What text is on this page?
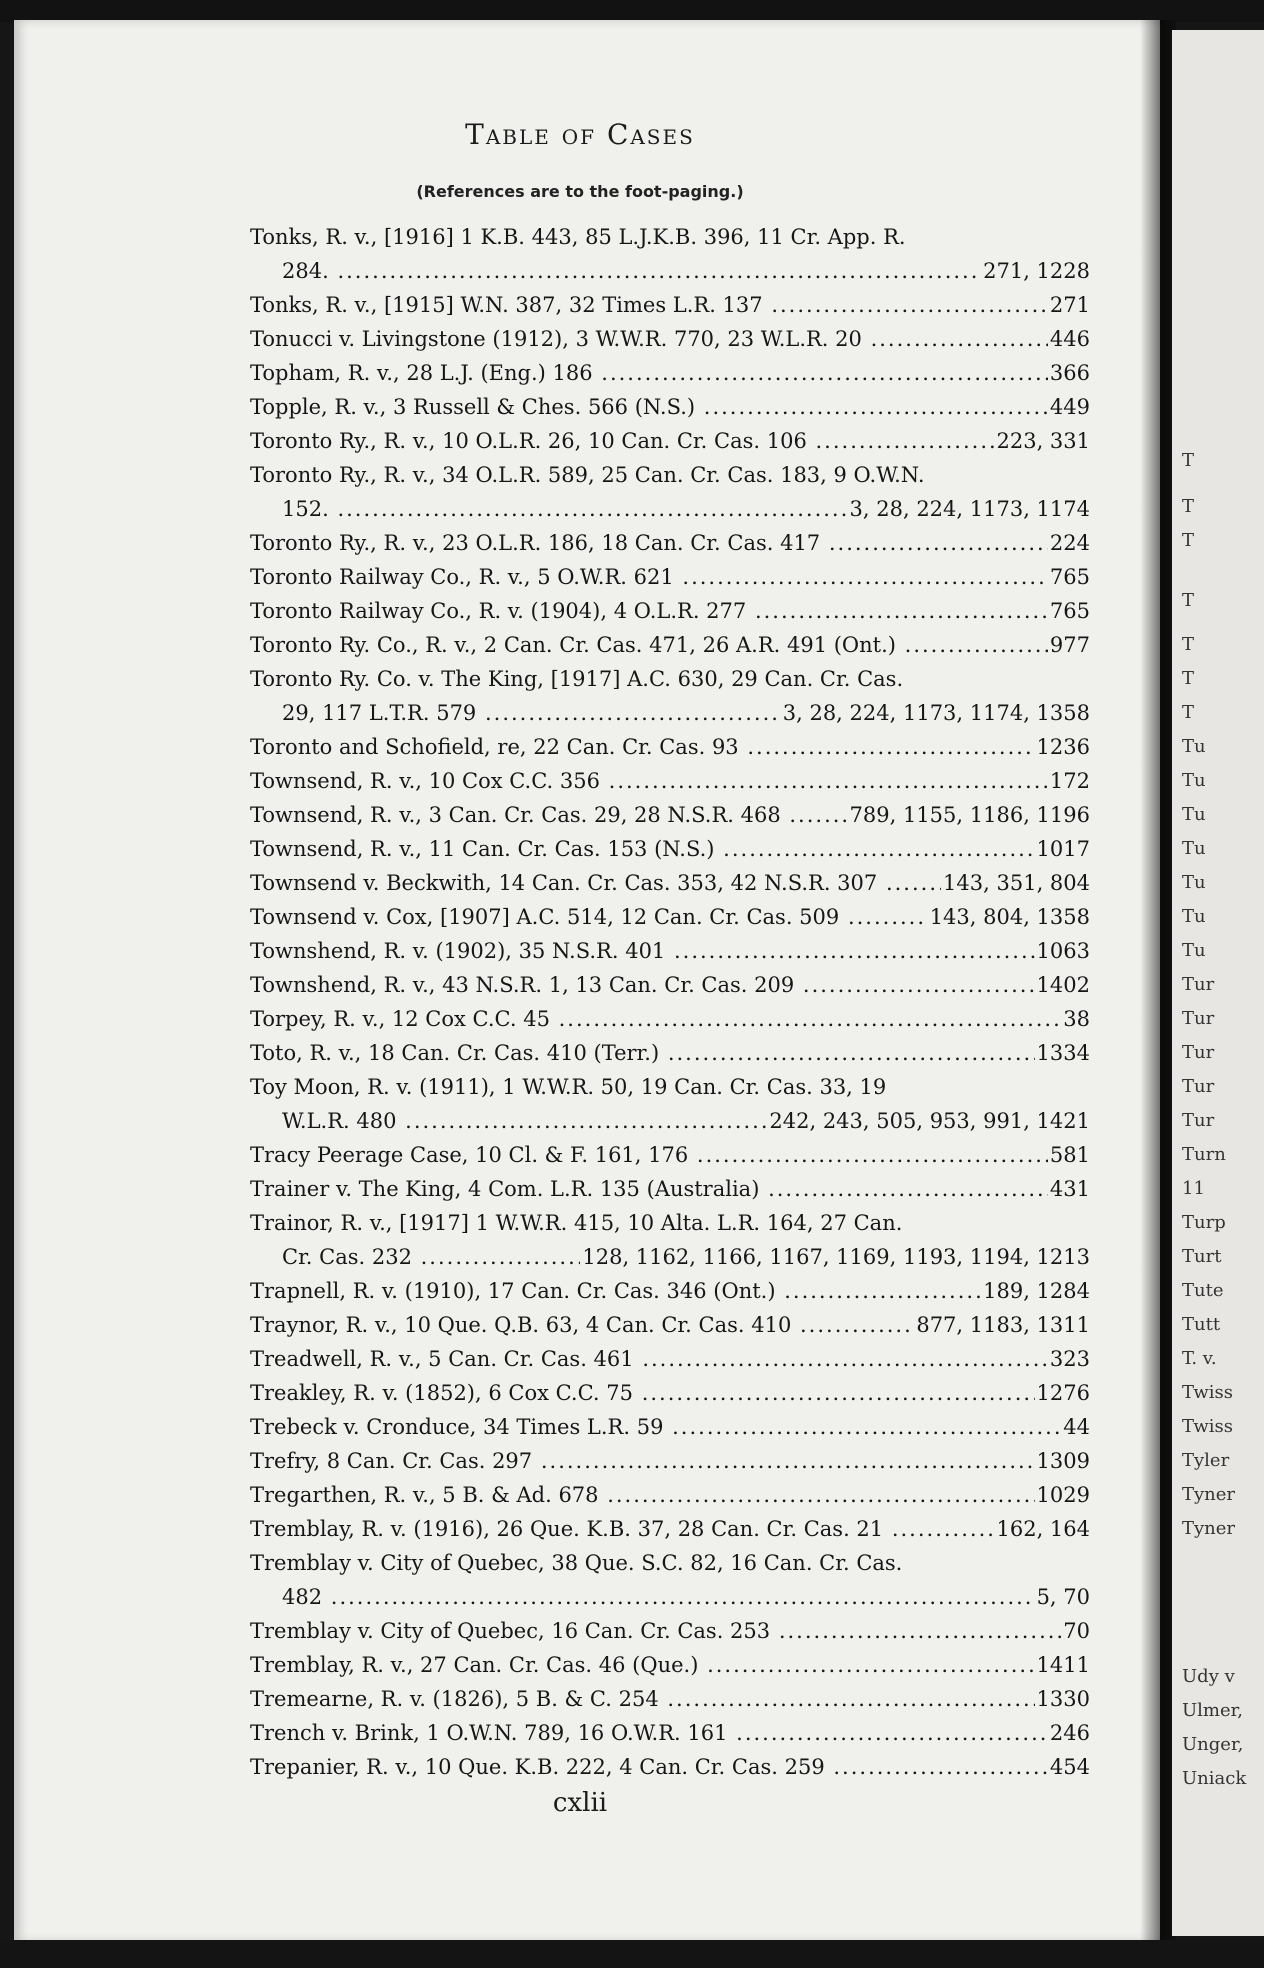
T
T
T
T
T
T
T
Tu
Tu
Tu
Tu
Tu
Tu
Tu
Tur
Tur
Tur
Tur
Tur
Turn
11
Turp
Turt
Tute
Tutt
T. v.
Twiss
Twiss
Tyler
Tyner
Tyner
Udy v
Ulmer,
Unger,
Uniack
Table of Cases
(References are to the foot-paging.)
Tonks, R. v., [1916] 1 K.B. 443, 85 L.J.K.B. 396, 11 Cr. App. R.
284. .....	271, 1228
Tonks, R. v., [1915] W.N. 387, 32 Times L.R. 137 .....	271
Tonucci v. Livingstone (1912), 3 W.W.R. 770, 23 W.L.R. 20 .....	446
Topham, R. v., 28 L.J. (Eng.) 186 .....	366
Topple, R. v., 3 Russell & Ches. 566 (N.S.) .....	449
Toronto Ry., R. v., 10 O.L.R. 26, 10 Can. Cr. Cas. 106 .....	223, 331
Toronto Ry., R. v., 34 O.L.R. 589, 25 Can. Cr. Cas. 183, 9 O.W.N.
152. .....	3, 28, 224, 1173, 1174
Toronto Ry., R. v., 23 O.L.R. 186, 18 Can. Cr. Cas. 417 .....	224
Toronto Railway Co., R. v., 5 O.W.R. 621 .....	765
Toronto Railway Co., R. v. (1904), 4 O.L.R. 277 .....	765
Toronto Ry. Co., R. v., 2 Can. Cr. Cas. 471, 26 A.R. 491 (Ont.) .....	977
Toronto Ry. Co. v. The King, [1917] A.C. 630, 29 Can. Cr. Cas.
29, 117 L.T.R. 579 .....	3, 28, 224, 1173, 1174, 1358
Toronto and Schofield, re, 22 Can. Cr. Cas. 93 .....	1236
Townsend, R. v., 10 Cox C.C. 356 .....	172
Townsend, R. v., 3 Can. Cr. Cas. 29, 28 N.S.R. 468 .....	789, 1155, 1186, 1196
Townsend, R. v., 11 Can. Cr. Cas. 153 (N.S.) .....	1017
Townsend v. Beckwith, 14 Can. Cr. Cas. 353, 42 N.S.R. 307 .....	143, 351, 804
Townsend v. Cox, [1907] A.C. 514, 12 Can. Cr. Cas. 509 .....	143, 804, 1358
Townshend, R. v. (1902), 35 N.S.R. 401 .....	1063
Townshend, R. v., 43 N.S.R. 1, 13 Can. Cr. Cas. 209 .....	1402
Torpey, R. v., 12 Cox C.C. 45 .....	38
Toto, R. v., 18 Can. Cr. Cas. 410 (Terr.) .....	1334
Toy Moon, R. v. (1911), 1 W.W.R. 50, 19 Can. Cr. Cas. 33, 19
W.L.R. 480 .....	242, 243, 505, 953, 991, 1421
Tracy Peerage Case, 10 Cl. & F. 161, 176 .....	581
Trainer v. The King, 4 Com. L.R. 135 (Australia) .....	431
Trainor, R. v., [1917] 1 W.W.R. 415, 10 Alta. L.R. 164, 27 Can.
Cr. Cas. 232 .....	128, 1162, 1166, 1167, 1169, 1193, 1194, 1213
Trapnell, R. v. (1910), 17 Can. Cr. Cas. 346 (Ont.) .....	189, 1284
Traynor, R. v., 10 Que. Q.B. 63, 4 Can. Cr. Cas. 410 .....	877, 1183, 1311
Treadwell, R. v., 5 Can. Cr. Cas. 461 .....	323
Treakley, R. v. (1852), 6 Cox C.C. 75 .....	1276
Trebeck v. Cronduce, 34 Times L.R. 59 .....	44
Trefry, 8 Can. Cr. Cas. 297 .....	1309
Tregarthen, R. v., 5 B. & Ad. 678 .....	1029
Tremblay, R. v. (1916), 26 Que. K.B. 37, 28 Can. Cr. Cas. 21 .....	162, 164
Tremblay v. City of Quebec, 38 Que. S.C. 82, 16 Can. Cr. Cas.
482 .....	5, 70
Tremblay v. City of Quebec, 16 Can. Cr. Cas. 253 .....	70
Tremblay, R. v., 27 Can. Cr. Cas. 46 (Que.) .....	1411
Tremearne, R. v. (1826), 5 B. & C. 254 .....	1330
Trench v. Brink, 1 O.W.N. 789, 16 O.W.R. 161 .....	246
Trepanier, R. v., 10 Que. K.B. 222, 4 Can. Cr. Cas. 259 .....	454
cxlii
